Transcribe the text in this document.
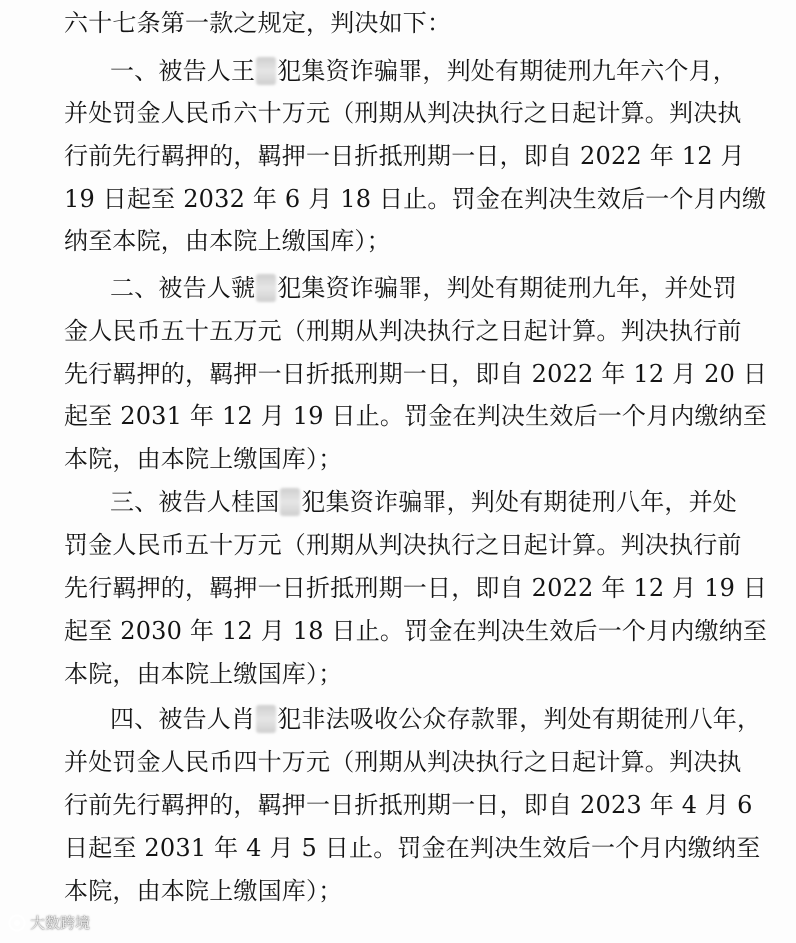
六十七条第一款之规定，判决如下：
一、被告人王 犯集资诈骗罪，判处有期徒刑九年六个月，
并处罚金人民币六十万元（刑期从判决执行之日起计算。判决执
行前先行羁押的，羁押一日折抵刑期一日，即自 2022 年 12 月
19 日起至 2032 年 6 月 18 日止。罚金在判决生效后一个月内缴
纳至本院，由本院上缴国库）；
二、被告人虢 犯集资诈骗罪，判处有期徒刑九年，并处罚
金人民币五十五万元（刑期从判决执行之日起计算。判决执行前
先行羁押的，羁押一日折抵刑期一日，即自 2022 年 12 月 20 日
起至 2031 年 12 月 19 日止。罚金在判决生效后一个月内缴纳至
本院，由本院上缴国库）；
三、被告人桂国 犯集资诈骗罪，判处有期徒刑八年，并处
罚金人民币五十万元（刑期从判决执行之日起计算。判决执行前
先行羁押的，羁押一日折抵刑期一日，即自 2022 年 12 月 19 日
起至 2030 年 12 月 18 日止。罚金在判决生效后一个月内缴纳至
本院，由本院上缴国库）；
四、被告人肖 犯非法吸收公众存款罪，判处有期徒刑八年，
并处罚金人民币四十万元（刑期从判决执行之日起计算。判决执
行前先行羁押的，羁押一日折抵刑期一日，即自 2023 年 4 月 6
日起至 2031 年 4 月 5 日止。罚金在判决生效后一个月内缴纳至
本院，由本院上缴国库）；
大数跨境
